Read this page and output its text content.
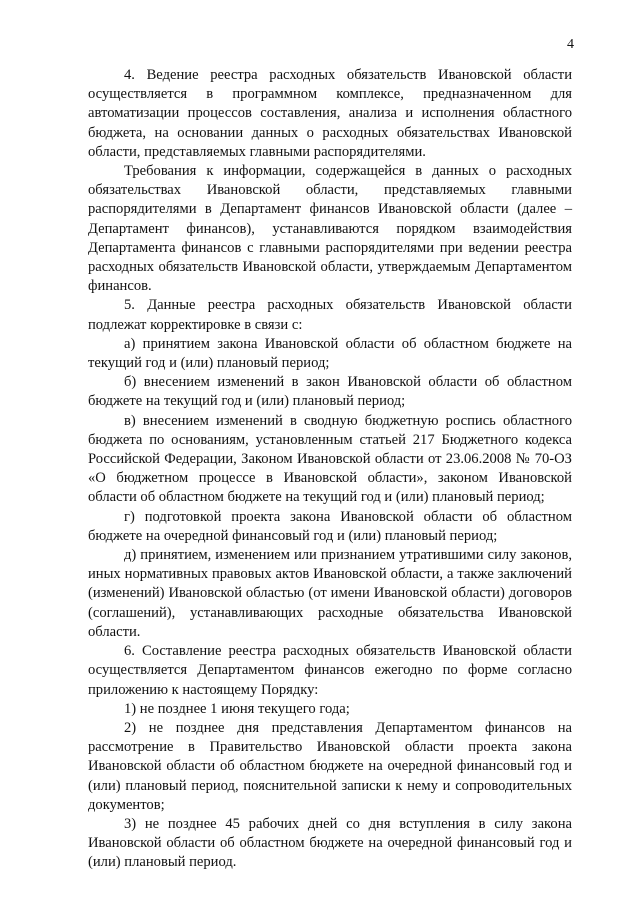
4

4. Ведение реестра расходных обязательств Ивановской области осуществляется в программном комплексе, предназначенном для автоматизации процессов составления, анализа и исполнения областного бюджета, на основании данных о расходных обязательствах Ивановской области, представляемых главными распорядителями.

Требования к информации, содержащейся в данных о расходных обязательствах Ивановской области, представляемых главными распорядителями в Департамент финансов Ивановской области (далее – Департамент финансов), устанавливаются порядком взаимодействия Департамента финансов с главными распорядителями при ведении реестра расходных обязательств Ивановской области, утверждаемым Департаментом финансов.

5. Данные реестра расходных обязательств Ивановской области подлежат корректировке в связи с:

а) принятием закона Ивановской области об областном бюджете на текущий год и (или) плановый период;

б) внесением изменений в закон Ивановской области об областном бюджете на текущий год и (или) плановый период;

в) внесением изменений в сводную бюджетную роспись областного бюджета по основаниям, установленным статьей 217 Бюджетного кодекса Российской Федерации, Законом Ивановской области от 23.06.2008 № 70-ОЗ «О бюджетном процессе в Ивановской области», законом Ивановской области об областном бюджете на текущий год и (или) плановый период;

г) подготовкой проекта закона Ивановской области об областном бюджете на очередной финансовый год и (или) плановый период;

д) принятием, изменением или признанием утратившими силу законов, иных нормативных правовых актов Ивановской области, а также заключений (изменений) Ивановской областью (от имени Ивановской области) договоров (соглашений), устанавливающих расходные обязательства Ивановской области.

6. Составление реестра расходных обязательств Ивановской области осуществляется Департаментом финансов ежегодно по форме согласно приложению к настоящему Порядку:

1) не позднее 1 июня текущего года;

2) не позднее дня представления Департаментом финансов на рассмотрение в Правительство Ивановской области проекта закона Ивановской области об областном бюджете на очередной финансовый год и (или) плановый период, пояснительной записки к нему и сопроводительных документов;

3) не позднее 45 рабочих дней со дня вступления в силу закона Ивановской области об областном бюджете на очередной финансовый год и (или) плановый период.
